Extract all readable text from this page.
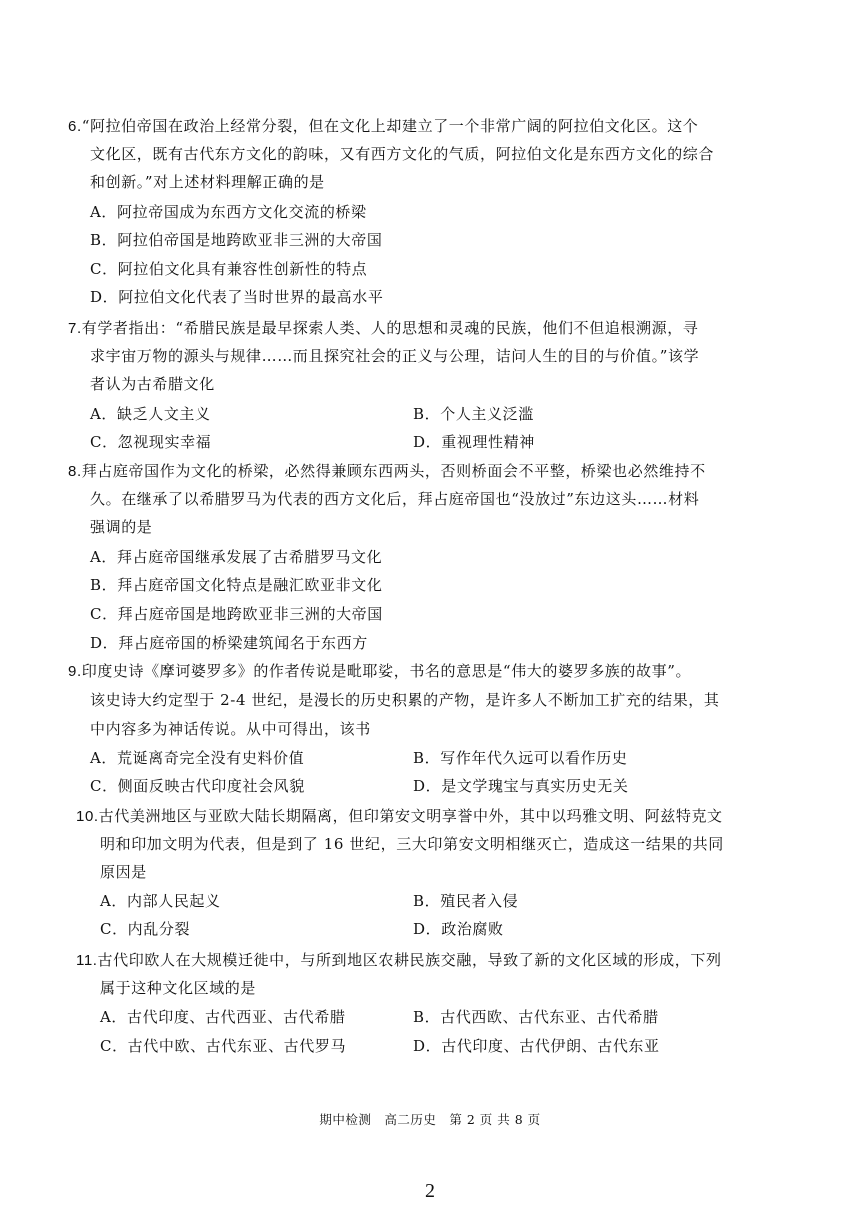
6.“阿拉伯帝国在政治上经常分裂，但在文化上却建立了一个非常广阔的阿拉伯文化区。这个
文化区，既有古代东方文化的韵味，又有西方文化的气质，阿拉伯文化是东西方文化的综合
和创新。”对上述材料理解正确的是
A．阿拉帝国成为东西方文化交流的桥梁
B．阿拉伯帝国是地跨欧亚非三洲的大帝国
C．阿拉伯文化具有兼容性创新性的特点
D．阿拉伯文化代表了当时世界的最高水平
7.有学者指出：“希腊民族是最早探索人类、人的思想和灵魂的民族，他们不但追根溯源，寻
求宇宙万物的源头与规律……而且探究社会的正义与公理，诘问人生的目的与价值。”该学
者认为古希腊文化
A．缺乏人文主义	B．个人主义泛滥
C．忽视现实幸福	D．重视理性精神
8.拜占庭帝国作为文化的桥梁，必然得兼顾东西两头，否则桥面会不平整，桥梁也必然维持不
久。在继承了以希腊罗马为代表的西方文化后，拜占庭帝国也“没放过”东边这头……材料
强调的是
A．拜占庭帝国继承发展了古希腊罗马文化
B．拜占庭帝国文化特点是融汇欧亚非文化
C．拜占庭帝国是地跨欧亚非三洲的大帝国
D．拜占庭帝国的桥梁建筑闻名于东西方
9.印度史诗《摩诃婆罗多》的作者传说是毗耶娑，书名的意思是“伟大的婆罗多族的故事”。
该史诗大约定型于 2-4 世纪，是漫长的历史积累的产物，是许多人不断加工扩充的结果，其
中内容多为神话传说。从中可得出，该书
A．荒诞离奇完全没有史料价值	B．写作年代久远可以看作历史
C．侧面反映古代印度社会风貌	D．是文学瑰宝与真实历史无关
10.古代美洲地区与亚欧大陆长期隔离，但印第安文明享誉中外，其中以玛雅文明、阿兹特克文
明和印加文明为代表，但是到了 16 世纪，三大印第安文明相继灭亡，造成这一结果的共同
原因是
A．内部人民起义	B．殖民者入侵
C．内乱分裂	D．政治腐败
11.古代印欧人在大规模迁徙中，与所到地区农耕民族交融，导致了新的文化区域的形成，下列
属于这种文化区域的是
A．古代印度、古代西亚、古代希腊	B．古代西欧、古代东亚、古代希腊
C．古代中欧、古代东亚、古代罗马	D．古代印度、古代伊朗、古代东亚
期中检测　高二历史　第 2 页 共 8 页
2
